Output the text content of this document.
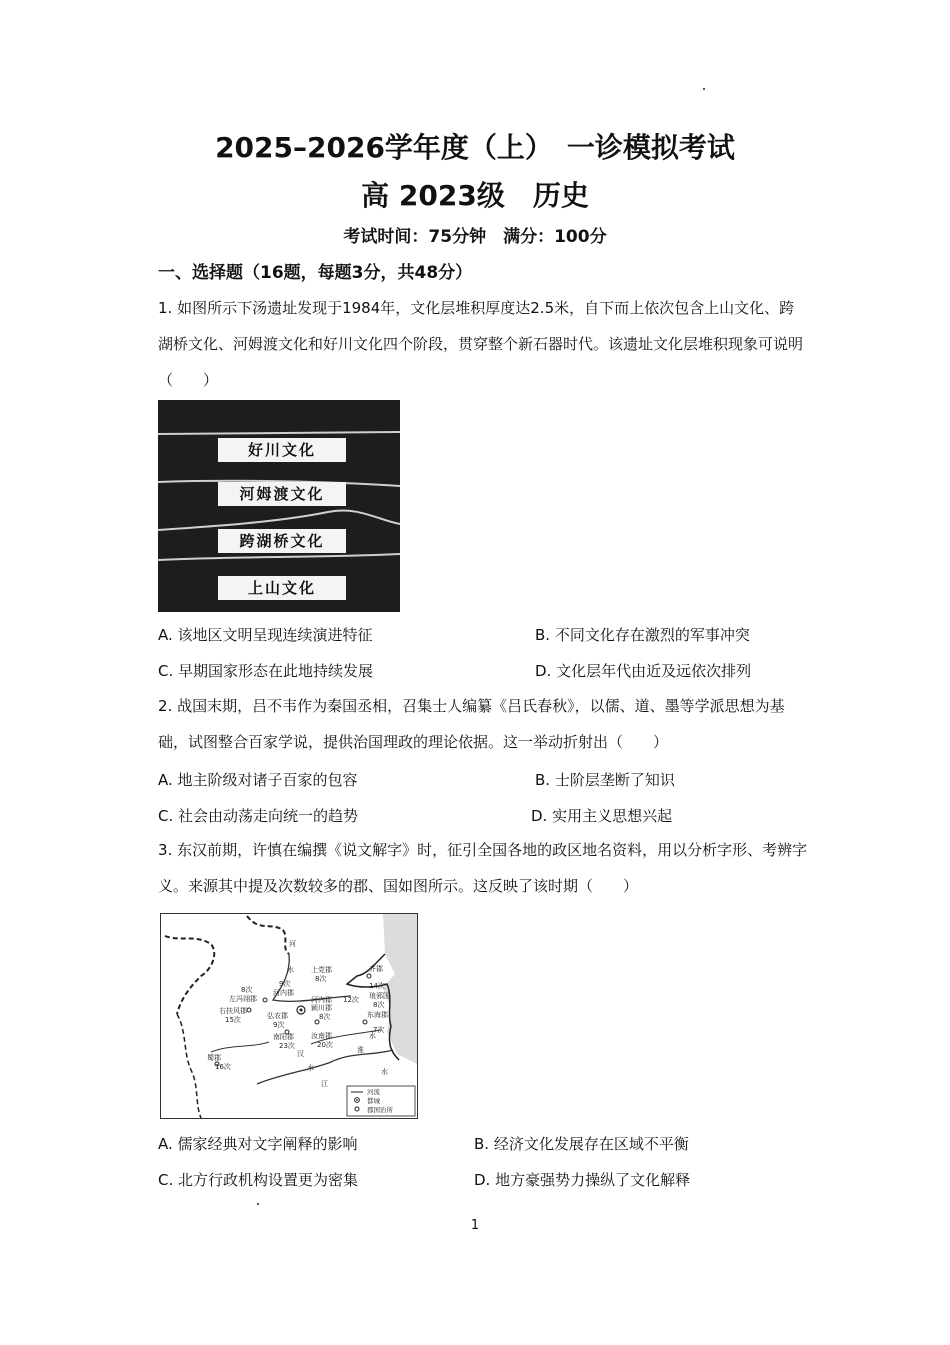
2025–2026学年度（上）　一诊模拟考试
高 2023级　历史
考试时间：75分钟　满分：100分
一、选择题（16题，每题3分，共48分）
1. 如图所示下汤遗址发现于1984年，文化层堆积厚度达2.5米，自下而上依次包含上山文化、跨湖桥文化、河姆渡文化和好川文化四个阶段，贯穿整个新石器时代。该遗址文化层堆积现象可说明（　　）
好川文化
河姆渡文化
跨湖桥文化
上山文化
A. 该地区文明呈现连续演进特征	B. 不同文化存在激烈的军事冲突
C. 早期国家形态在此地持续发展	D. 文化层年代由近及远依次排列
2. 战国末期，吕不韦作为秦国丞相，召集士人编纂《吕氏春秋》，以儒、道、墨等学派思想为基础，试图整合百家学说，提供治国理政的理论依据。这一举动折射出（　　）
A. 地主阶级对诸子百家的包容	B. 士阶层垄断了知识
C. 社会由动荡走向统一的趋势	D. 实用主义思想兴起
3. 东汉前期，许慎在编撰《说文解字》时，征引全国各地的政区地名资料，用以分析字形、考辨字义。来源其中提及次数较多的郡、国如图所示。这反映了该时期（　　）
河
水 上党郡
8次
9次
河内郡
8次
左冯翊郡
右扶风郡
15次	弘农郡
9次
南阳郡
23次
颍川郡
8次
汝南郡
20次
齐郡
14次
琅邪国
8次
东海郡
7次
12次
河内郡
蜀郡
16次
汉
水
江
水
淮
水
河流
都城
郡国治所
A. 儒家经典对文字阐释的影响	B. 经济文化发展存在区域不平衡
C. 北方行政机构设置更为密集	D. 地方豪强势力操纵了文化解释
1
